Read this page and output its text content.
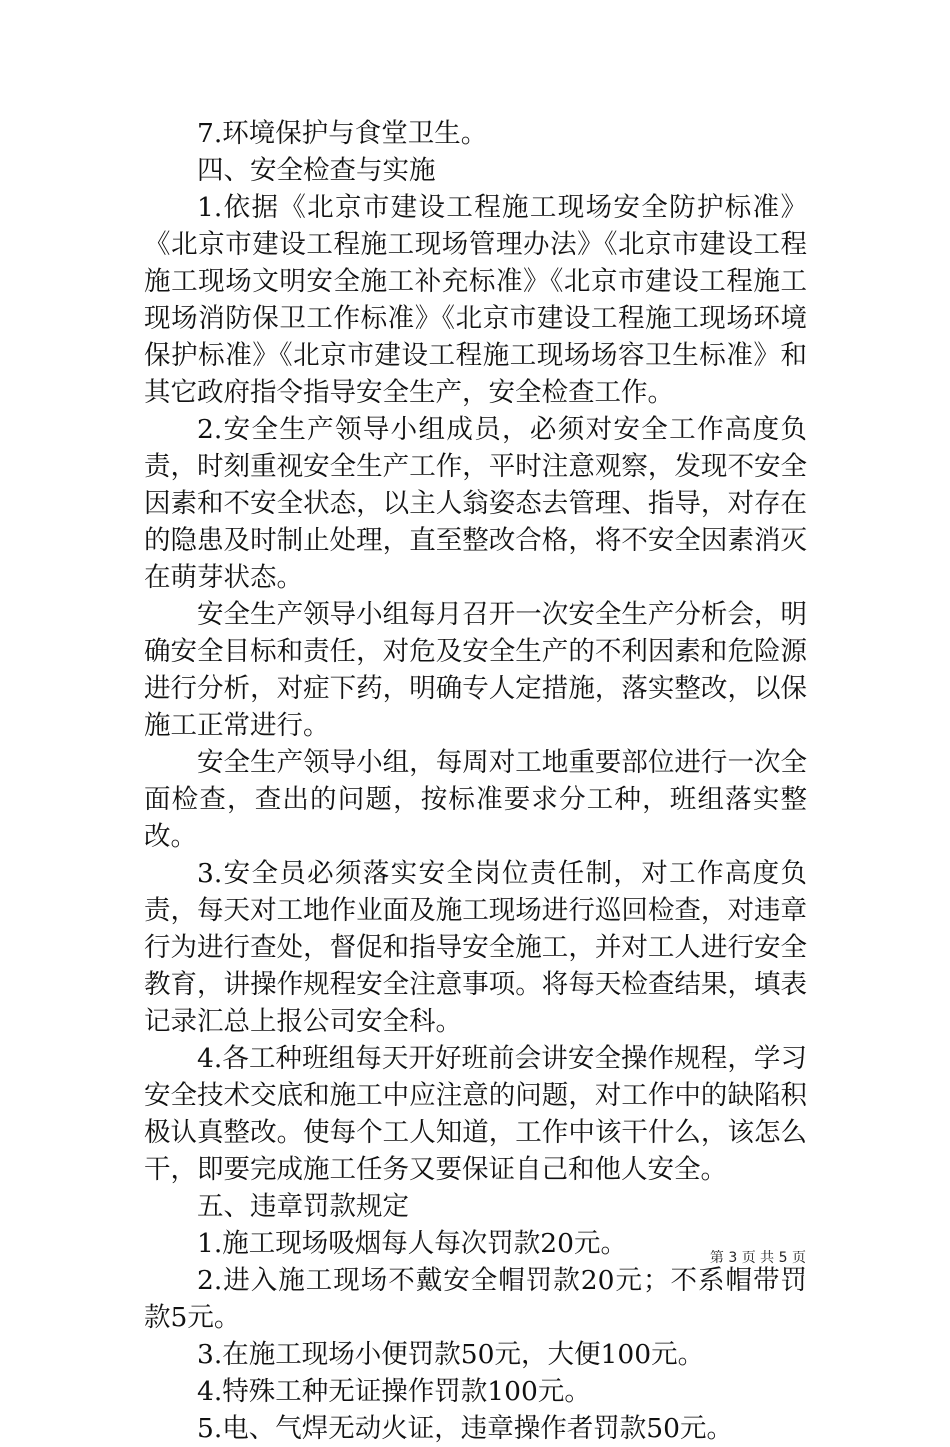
7.环境保护与食堂卫生。

四、安全检查与实施

1.依据《北京市建设工程施工现场安全防护标准》《北京市建设工程施工现场管理办法》《北京市建设工程施工现场文明安全施工补充标准》《北京市建设工程施工现场消防保卫工作标准》《北京市建设工程施工现场环境保护标准》《北京市建设工程施工现场场容卫生标准》和其它政府指令指导安全生产，安全检查工作。

2.安全生产领导小组成员，必须对安全工作高度负责，时刻重视安全生产工作，平时注意观察，发现不安全因素和不安全状态，以主人翁姿态去管理、指导，对存在的隐患及时制止处理，直至整改合格，将不安全因素消灭在萌芽状态。

安全生产领导小组每月召开一次安全生产分析会，明确安全目标和责任，对危及安全生产的不利因素和危险源进行分析，对症下药，明确专人定措施，落实整改，以保施工正常进行。

安全生产领导小组，每周对工地重要部位进行一次全面检查，查出的问题，按标准要求分工种，班组落实整改。

3.安全员必须落实安全岗位责任制，对工作高度负责，每天对工地作业面及施工现场进行巡回检查，对违章行为进行查处，督促和指导安全施工，并对工人进行安全教育，讲操作规程安全注意事项。将每天检查结果，填表记录汇总上报公司安全科。

4.各工种班组每天开好班前会讲安全操作规程，学习安全技术交底和施工中应注意的问题，对工作中的缺陷积极认真整改。使每个工人知道，工作中该干什么，该怎么干，即要完成施工任务又要保证自己和他人安全。

五、违章罚款规定

1.施工现场吸烟每人每次罚款20元。

2.进入施工现场不戴安全帽罚款20元；不系帽带罚款5元。

3.在施工现场小便罚款50元，大便100元。

4.特殊工种无证操作罚款100元。

5.电、气焊无动火证，违章操作者罚款50元。

第 3 页 共 5 页
